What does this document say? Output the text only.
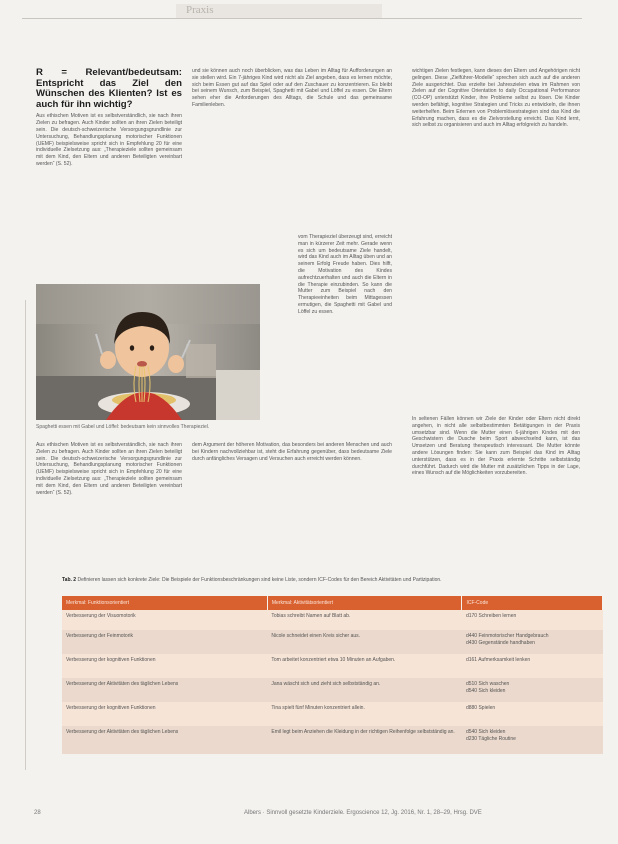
Praxis
R = Relevant/bedeutsam: Entspricht das Ziel den Wünschen des Klienten? Ist es auch für ihn wichtig?
Aus ethischen Motiven ist es selbstverständlich, sie nach ihren Zielen zu befragen. Auch Kinder sollten an ihren Zielen beteiligt sein. Die deutsch-schweizerische Versorgungsgrundlinie zur Untersuchung, Behandlungsplanung motorischer Funktionen (UEMF) beispielsweise spricht sich in Empfehlung 20 für eine individuelle Zielsetzung aus: „Therapieziele sollten gemeinsam mit dem Kind, den Eltern und anderen Beteiligten vereinbart werden“ (S. 52).
und sie können auch noch überblicken, was das Leben im Alltag für Aufforderungen an sie stellen wird. Ein 7-jähriges Kind wird nicht als Ziel angeben, dass es lernen möchte, sich beim Essen gut auf das Spiel oder auf den Zuschauer zu konzentrieren. Es bleibt bei seinem Wunsch, zum Beispiel, Spaghetti mit Gabel und Löffel zu essen. Die Eltern sehen eher die Anforderungen des Alltags, die Schule und das gemeinsame Familienleben.
vom Therapieziel überzeugt sind, erreicht man in kürzerer Zeit mehr. Gerade wenn es sich um bedeutsame Ziele handelt, wird das Kind auch im Alltag üben und an seinem Erfolg Freude haben. Dies hilft, die Motivation des Kindes aufrechtzuerhalten und auch die Eltern in die Therapie einzubinden. So kann die Mutter zum Beispiel nach den Therapieeinheiten beim Mittagessen ermutigen, die Spaghetti mit Gabel und Löffel zu essen.
Spaghetti essen mit Gabel und Löffel: bedeutsam kein sinnvolles Therapieziel.
Aus ethischen Motiven ist es selbstverständlich, sie nach ihren Zielen zu befragen. Auch Kinder sollten an ihren Zielen beteiligt sein. Die deutsch-schweizerische Versorgungsgrundlinie zur Untersuchung, Behandlungsplanung motorischer Funktionen (UEMF) beispielsweise spricht sich in Empfehlung 20 für eine individuelle Zielsetzung aus: „Therapieziele sollten gemeinsam mit dem Kind, den Eltern und anderen Beteiligten vereinbart werden“ (S. 52).
dem Argument der höheren Motivation, das besonders bei anderen Menschen und auch bei Kindern nachvollziehbar ist, steht die Erfahrung gegenüber, dass bedeutsame Ziele durch anfängliches Versagen und Versuchen auch erreicht werden können.
wichtigen Zielen festlegen, kann dieses den Eltern und Angehörigen nicht gelingen. Diese „Zielführer-Modelle“ sprechen sich auch auf die anderen Ziele ausgerichtet. Das erzielte bei Jahreszielen etwa im Rahmen von Zielen auf der Cognitive Orientation to daily Occupational Performance (CO-OP) unterstützt Kinder, ihre Probleme selbst zu lösen. Die Kinder werden befähigt, kognitive Strategien und Tricks zu entwickeln, die ihnen weiterhelfen. Beim Erlernen von Problemlösestrategien sind das Kind die Erfahrung machen, dass es die Zielvorstellung erreicht. Das Kind lernt, sich selbst zu organisieren und auch im Alltag erfolgreich zu handeln.
In seltenen Fällen können wir Ziele der Kinder oder Eltern nicht direkt angehen, in nicht alle selbstbestimmten Betätigungen in der Praxis umsetzbar sind. Wenn die Mutter einen 6-jährigen Kindes mit den Geschwistern die Dusche beim Sport abwechselnd kann, ist das Umsetzen und Beratung therapeutisch interessant. Die Mutter könnte andere Lösungen finden: Sie kann zum Beispiel das Kind im Alltag unterstützen, dass es in der Praxis erlernte Schritte selbstständig durchführt. Dadurch wird die Mutter mit zusätzlichen Tipps in der Lage, eines Wunsch auf die Möglichkeiten vorzubereiten.
Tab. 2 Definieren lassen sich konkrete Ziele: Die Beispiele der Funktionsbeschränkungen sind keine Liste, sondern ICF-Codes für den Bereich Aktivitäten und Partizipation.
Merkmal: Funktionsorientiert	Merkmal: Aktivitätsorientiert	ICF-Code
Verbesserung der Visuomotorik	Tobias schreibt Namen auf Blatt ab.	d170 Schreiben lernen
Verbesserung der Feinmotorik	Nicole schneidet einen Kreis sicher aus.	d440 Feinmotorischer Handgebrauch
d430 Gegenstände handhaben
Verbesserung der kognitiven Funktionen	Tom arbeitet konzentriert etwa 10 Minuten an Aufgaben.	d161 Aufmerksamkeit lenken
Verbesserung der Aktivitäten des täglichen Lebens	Jana wäscht sich und zieht sich selbstständig an.	d510 Sich waschen
d540 Sich kleiden
Verbesserung der kognitiven Funktionen	Tina spielt fünf Minuten konzentriert allein.	d880 Spielen
Verbesserung der Aktivitäten des täglichen Lebens	Emil legt beim Anziehen die Kleidung in der richtigen Reihenfolge selbstständig an.	d540 Sich kleiden
d230 Tägliche Routine
28	Albers · Sinnvoll gesetzte Kinderziele. Ergoscience 12, Jg. 2016, Nr. 1, 28–29, Hrsg. DVE
